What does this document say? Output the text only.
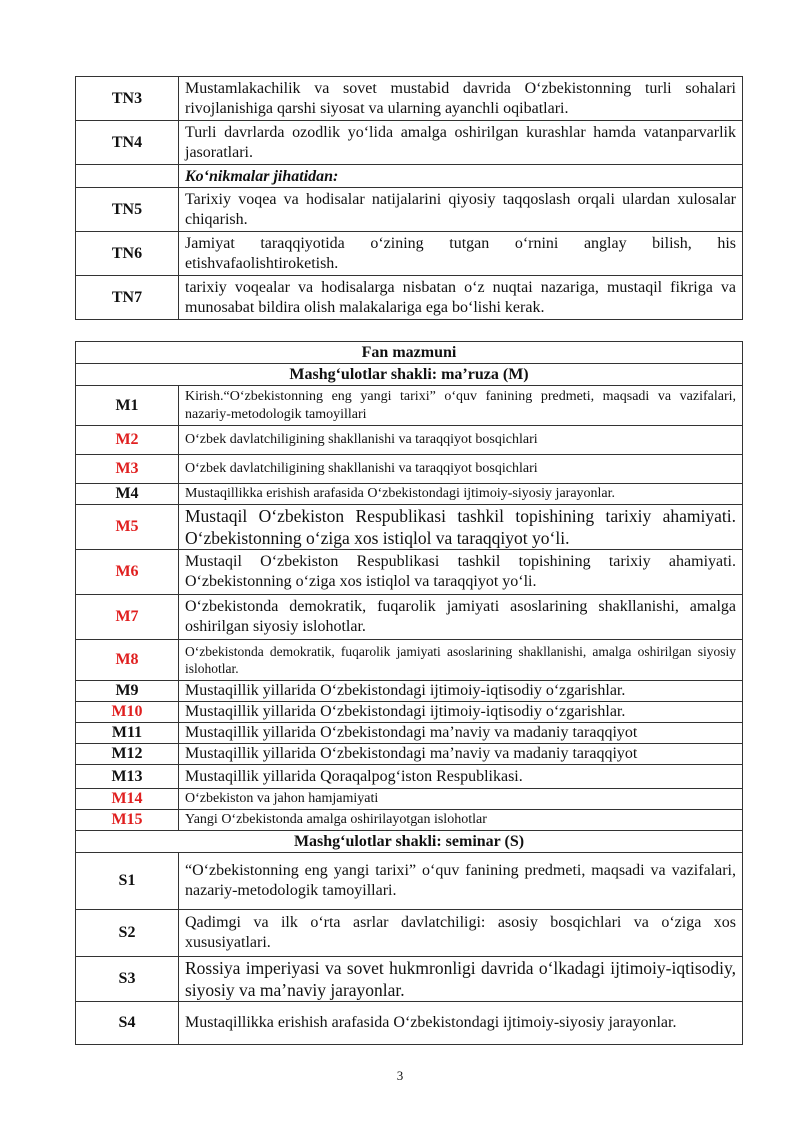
TN3	Mustamlakachilik va sovet mustabid davrida O‘zbekistonning turli sohalari rivojlanishiga qarshi siyosat va ularning ayanchli oqibatlari.
TN4	Turli davrlarda ozodlik yo‘lida amalga oshirilgan kurashlar hamda vatanparvarlik jasoratlari.
	Ko‘nikmalar jihatidan:
TN5	Tarixiy voqea va hodisalar natijalarini qiyosiy taqqoslash orqali ulardan xulosalar chiqarish.
TN6	Jamiyat taraqqiyotida o‘zining tutgan o‘rnini anglay bilish, his etishvafaolishtiroketish.
TN7	tarixiy voqealar va hodisalarga nisbatan o‘z nuqtai nazariga, mustaqil fikriga va munosabat bildira olish malakalariga ega bo‘lishi kerak.
Fan mazmuni	
Mashg‘ulotlar shakli: ma’ruza (M)	
M1	Kirish.“O‘zbekistonning eng yangi tarixi” o‘quv fanining predmeti, maqsadi va vazifalari, nazariy-metodologik tamoyillari
M2	O‘zbek davlatchiligining shakllanishi va taraqqiyot bosqichlari
M3	O‘zbek davlatchiligining shakllanishi va taraqqiyot bosqichlari
M4	Mustaqillikka erishish arafasida O‘zbekistondagi ijtimoiy-siyosiy jarayonlar.
M5	Mustaqil O‘zbekiston Respublikasi tashkil topishining tarixiy ahamiyati. O‘zbekistonning o‘ziga xos istiqlol va taraqqiyot yo‘li.
M6	Mustaqil O‘zbekiston Respublikasi tashkil topishining tarixiy ahamiyati. O‘zbekistonning o‘ziga xos istiqlol va taraqqiyot yo‘li.
M7	O‘zbekistonda demokratik, fuqarolik jamiyati asoslarining shakllanishi, amalga oshirilgan siyosiy islohotlar.
M8	O‘zbekistonda demokratik, fuqarolik jamiyati asoslarining shakllanishi, amalga oshirilgan siyosiy islohotlar.
M9	Mustaqillik yillarida O‘zbekistondagi ijtimoiy-iqtisodiy o‘zgarishlar.
M10	Mustaqillik yillarida O‘zbekistondagi ijtimoiy-iqtisodiy o‘zgarishlar.
M11	Mustaqillik yillarida O‘zbekistondagi ma’naviy va madaniy taraqqiyot
M12	Mustaqillik yillarida O‘zbekistondagi ma’naviy va madaniy taraqqiyot
M13	Mustaqillik yillarida Qoraqalpog‘iston Respublikasi.
M14	O‘zbekiston va jahon hamjamiyati
M15	Yangi O‘zbekistonda amalga oshirilayotgan islohotlar
Mashg‘ulotlar shakli: seminar (S)	
S1	“O‘zbekistonning eng yangi tarixi” o‘quv fanining predmeti, maqsadi va vazifalari, nazariy-metodologik tamoyillari.
S2	Qadimgi va ilk o‘rta asrlar davlatchiligi: asosiy bosqichlari va o‘ziga xos xususiyatlari.
S3	Rossiya imperiyasi va sovet hukmronligi davrida o‘lkadagi ijtimoiy-iqtisodiy, siyosiy va ma’naviy jarayonlar.
S4	Mustaqillikka erishish arafasida O‘zbekistondagi ijtimoiy-siyosiy jarayonlar.
3
